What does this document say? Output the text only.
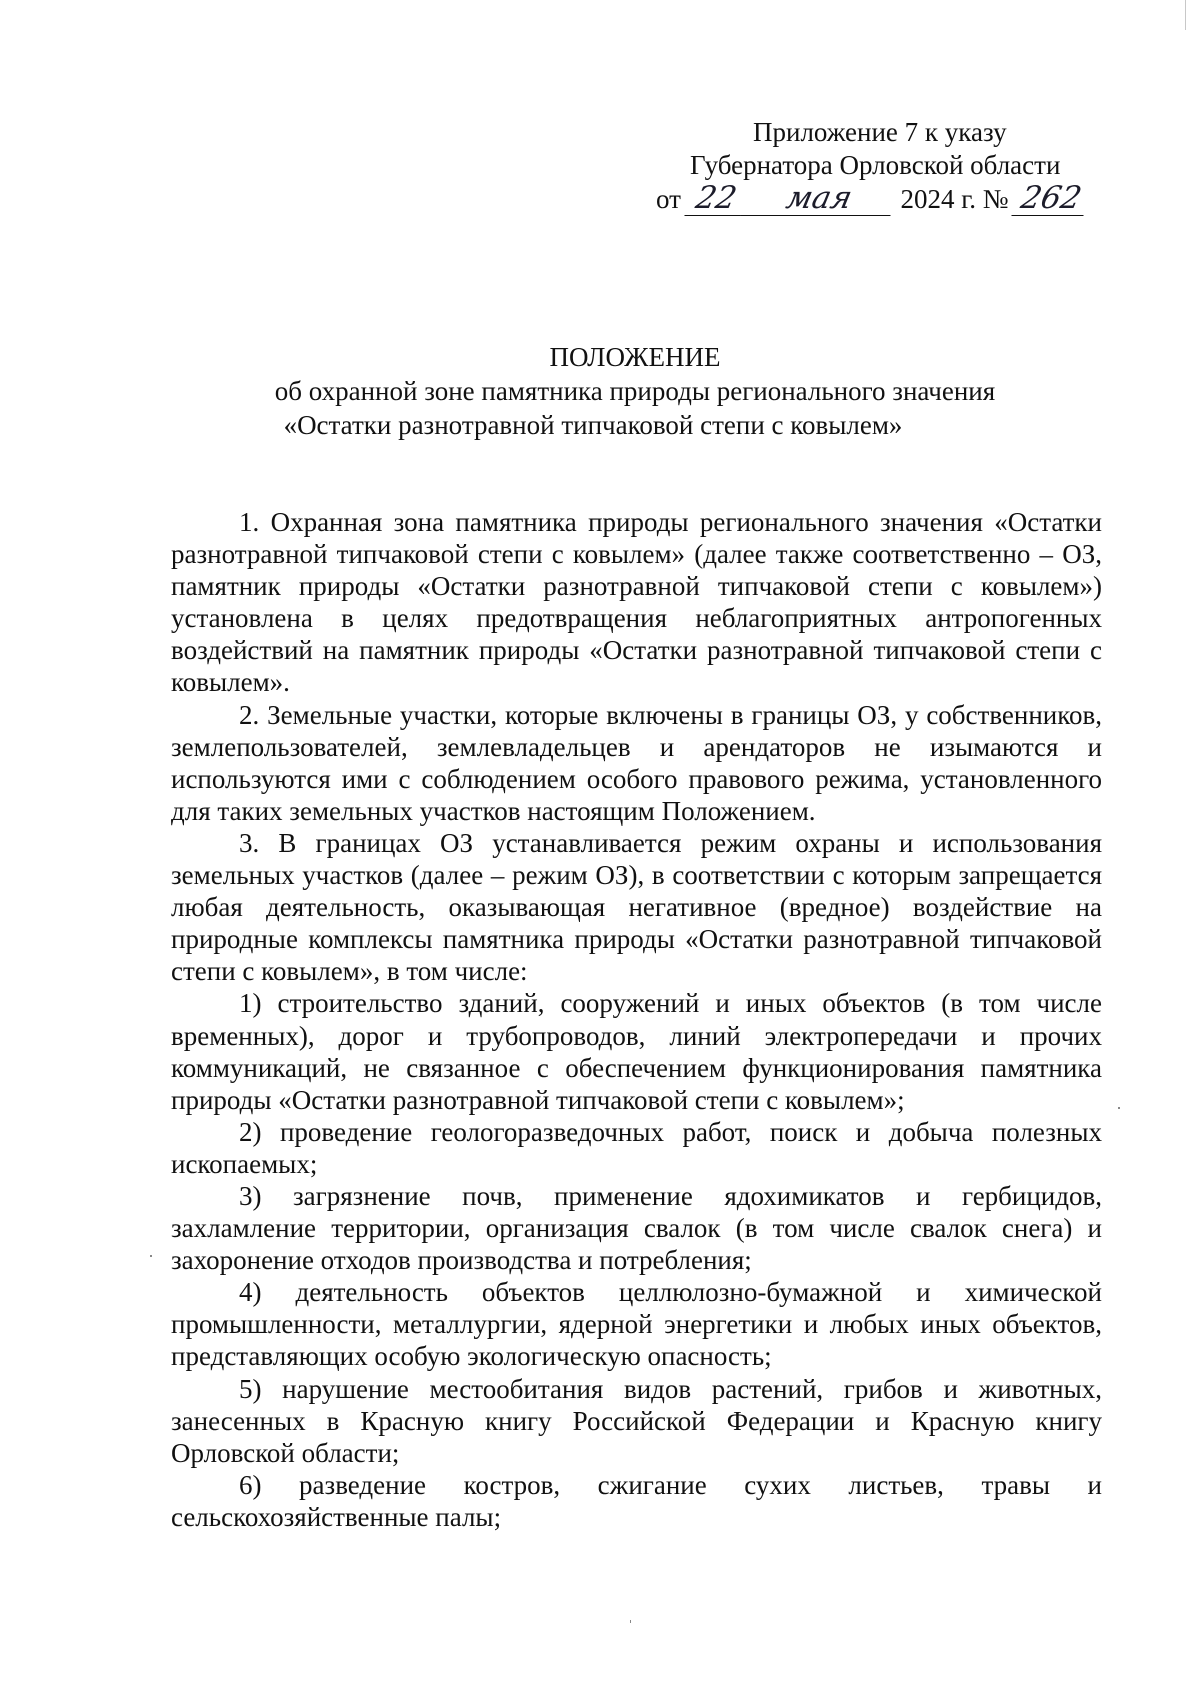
Приложение 7 к указу
Губернатора Орловской области
от 22 мая 2024 г. № 262
ПОЛОЖЕНИЕ
об охранной зоне памятника природы регионального значения
«Остатки разнотравной типчаковой степи с ковылем»

1. Охранная зона памятника природы регионального значения «Остатки разнотравной типчаковой степи с ковылем» (далее также соответственно – ОЗ, памятник природы «Остатки разнотравной типчаковой степи с ковылем») установлена в целях предотвращения неблагоприятных антропогенных воздействий на памятник природы «Остатки разнотравной типчаковой степи с ковылем».

2. Земельные участки, которые включены в границы ОЗ, у собственников, землепользователей, землевладельцев и арендаторов не изымаются и используются ими с соблюдением особого правового режима, установленного для таких земельных участков настоящим Положением.

3. В границах ОЗ устанавливается режим охраны и использования земельных участков (далее – режим ОЗ), в соответствии с которым запрещается любая деятельность, оказывающая негативное (вредное) воздействие на природные комплексы памятника природы «Остатки разнотравной типчаковой степи с ковылем», в том числе:

1) строительство зданий, сооружений и иных объектов (в том числе временных), дорог и трубопроводов, линий электропередачи и прочих коммуникаций, не связанное с обеспечением функционирования памятника природы «Остатки разнотравной типчаковой степи с ковылем»;

2) проведение геологоразведочных работ, поиск и добыча полезных ископаемых;

3) загрязнение почв, применение ядохимикатов и гербицидов, захламление территории, организация свалок (в том числе свалок снега) и захоронение отходов производства и потребления;

4) деятельность объектов целлюлозно-бумажной и химической промышленности, металлургии, ядерной энергетики и любых иных объектов, представляющих особую экологическую опасность;

5) нарушение местообитания видов растений, грибов и животных, занесенных в Красную книгу Российской Федерации и Красную книгу Орловской области;

6) разведение костров, сжигание сухих листьев, травы и сельскохозяйственные палы;
